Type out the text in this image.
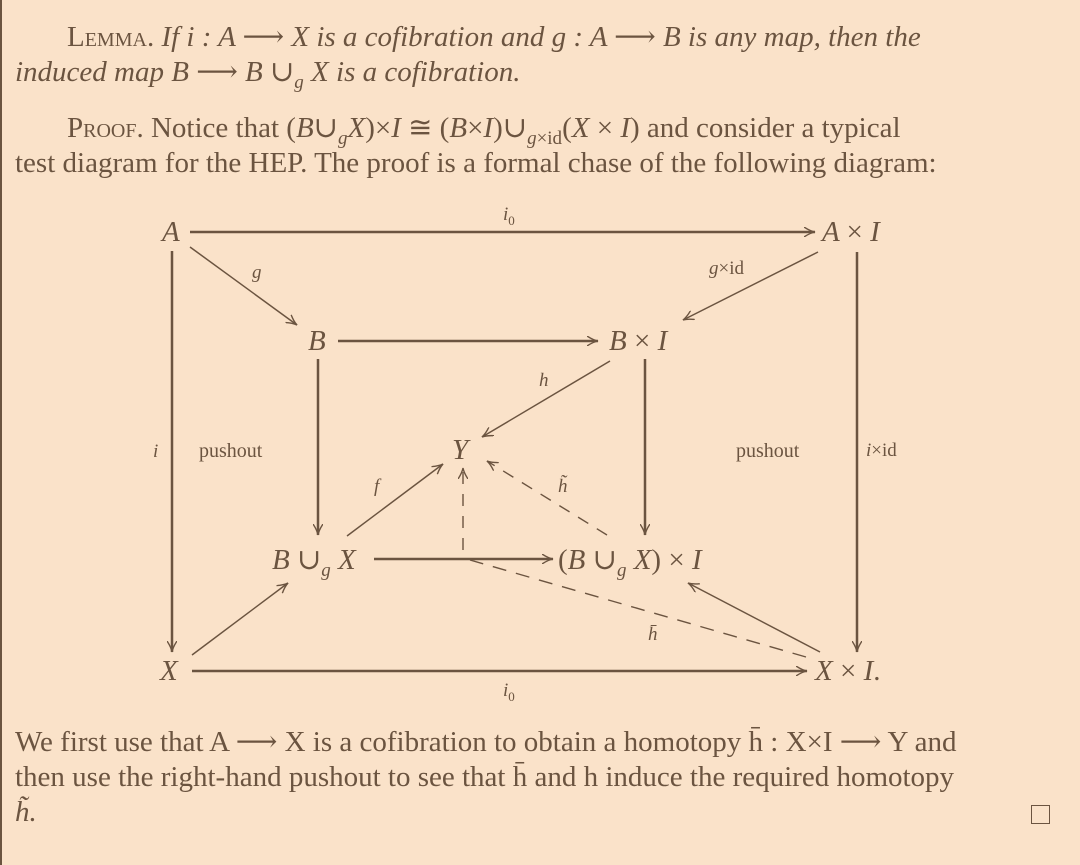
Lemma. If i : A ⟶ X is a cofibration and g : A ⟶ B is any map, then the
induced map B ⟶ B $\cup_g$ X is a cofibration.
Proof. Notice that $(B\cup_gX)\times I$ ≅ $(B\times I)\cup_{g\times id}(X \times I)$ and consider a typical
test diagram for the HEP. The proof is a formal chase of the following diagram:
A	A × I
B	B × I
Y
B $\cup_g$ X	(B $\cup_g$ X) × I
X	X × I.
$i_0$
g	g×id
h
i pushout	pushout	i×id
f	h̃
h̄
$i_0$
We first use that A ⟶ X is a cofibration to obtain a homotopy h̄ : X×I ⟶ Y and
then use the right-hand pushout to see that h̄ and h induce the required homotopy
h̃.
